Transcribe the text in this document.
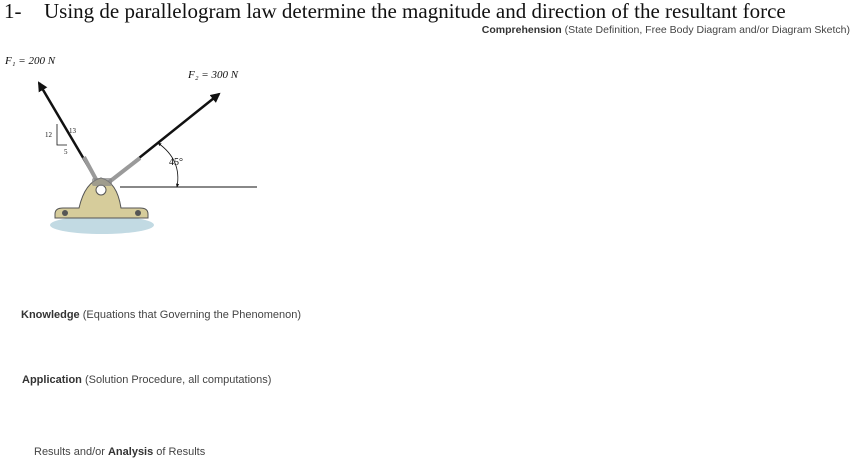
1- Using de parallelogram law determine the magnitude and direction of the resultant force
Comprehension (State Definition, Free Body Diagram and/or Diagram Sketch)
45°
12 13
5
F₁ = 200 N
F₂ = 300 N
Knowledge (Equations that Governing the Phenomenon)
Application (Solution Procedure, all computations)
Results and/or Analysis of Results
